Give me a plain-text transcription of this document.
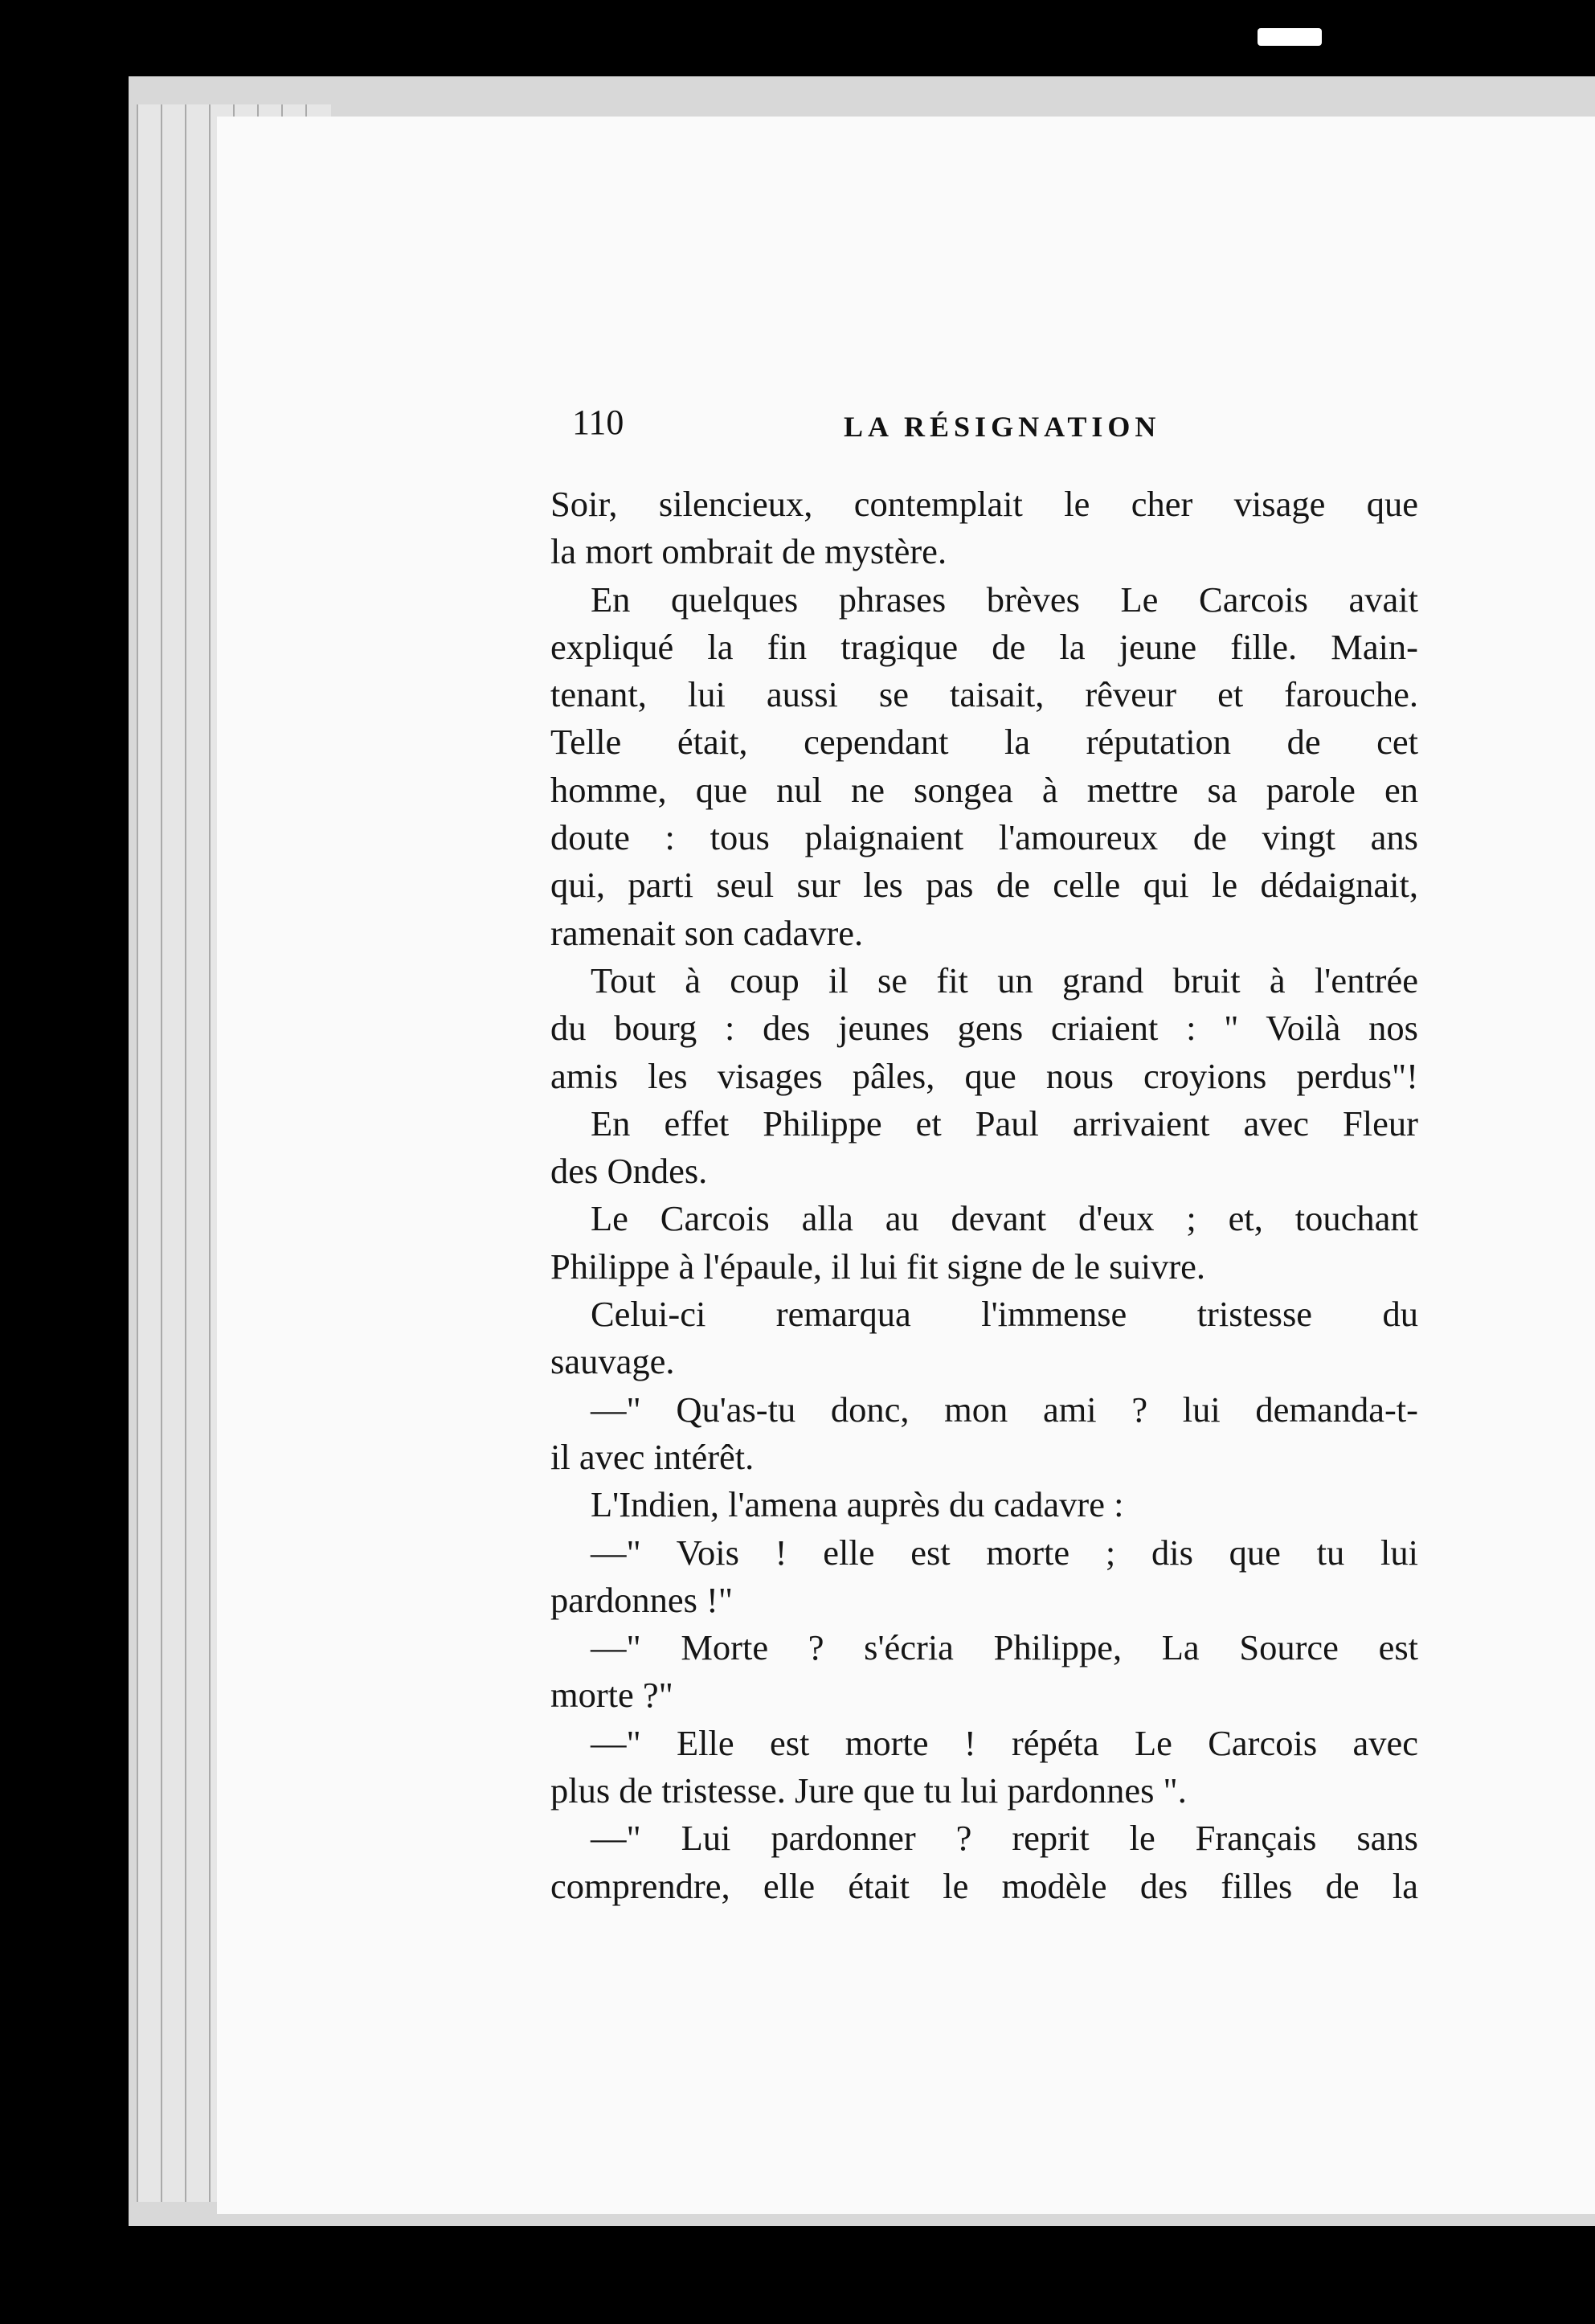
110	LA RÉSIGNATION
Soir, silencieux, contemplait le cher visage que
la mort ombrait de mystère.
En quelques phrases brèves Le Carcois avait
expliqué la fin tragique de la jeune fille. Main-
tenant, lui aussi se taisait, rêveur et farouche.
Telle était, cependant la réputation de cet
homme, que nul ne songea à mettre sa parole en
doute : tous plaignaient l'amoureux de vingt ans
qui, parti seul sur les pas de celle qui le dédaignait,
ramenait son cadavre.
Tout à coup il se fit un grand bruit à l'entrée
du bourg : des jeunes gens criaient : " Voilà nos
amis les visages pâles, que nous croyions perdus"!
En effet Philippe et Paul arrivaient avec Fleur
des Ondes.
Le Carcois alla au devant d'eux ; et, touchant
Philippe à l'épaule, il lui fit signe de le suivre.
Celui-ci remarqua l'immense tristesse du
sauvage.
—" Qu'as-tu donc, mon ami ? lui demanda-t-
il avec intérêt.
L'Indien, l'amena auprès du cadavre :
—" Vois ! elle est morte ; dis que tu lui
pardonnes !"
—" Morte ? s'écria Philippe, La Source est
morte ?"
—" Elle est morte ! répéta Le Carcois avec
plus de tristesse. Jure que tu lui pardonnes ".
—" Lui pardonner ? reprit le Français sans
comprendre, elle était le modèle des filles de la
